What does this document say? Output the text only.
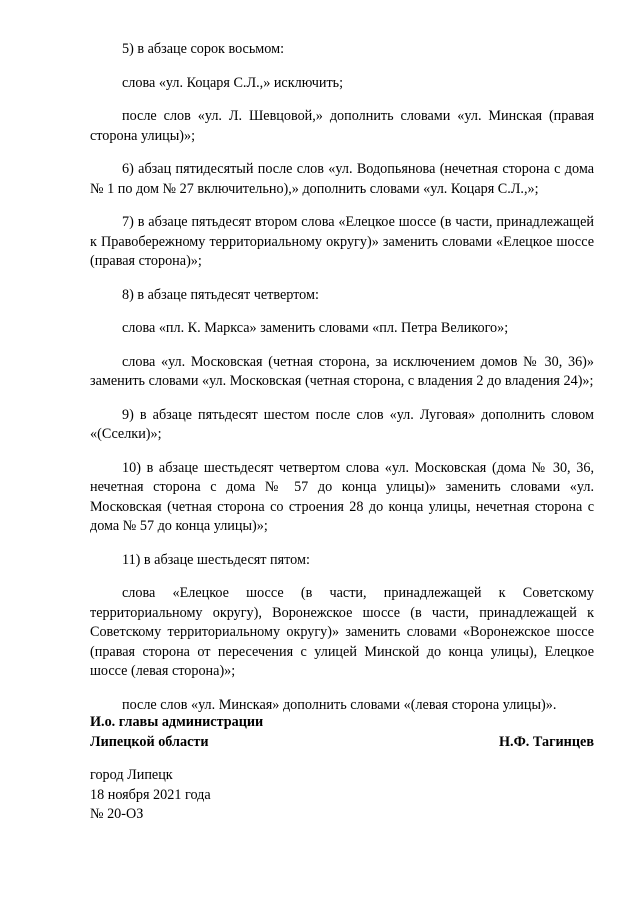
5) в абзаце сорок восьмом:

слова «ул. Коцаря С.Л.,» исключить;

после слов «ул. Л. Шевцовой,» дополнить словами «ул. Минская (правая сторона улицы)»;

6) абзац пятидесятый после слов «ул. Водопьянова (нечетная сторона с дома № 1 по дом № 27 включительно),» дополнить словами «ул. Коцаря С.Л.,»;

7) в абзаце пятьдесят втором слова «Елецкое шоссе (в части, принадлежащей к Правобережному территориальному округу)» заменить словами «Елецкое шоссе (правая сторона)»;

8) в абзаце пятьдесят четвертом:

слова «пл. К. Маркса» заменить словами «пл. Петра Великого»;

слова «ул. Московская (четная сторона, за исключением домов № 30, 36)» заменить словами «ул. Московская (четная сторона, с владения 2 до владения 24)»;

9) в абзаце пятьдесят шестом после слов «ул. Луговая» дополнить словом «(Сселки)»;

10) в абзаце шестьдесят четвертом слова «ул. Московская (дома № 30, 36, нечетная сторона с дома № 57 до конца улицы)» заменить словами «ул. Московская (четная сторона со строения 28 до конца улицы, нечетная сторона с дома № 57 до конца улицы)»;

11) в абзаце шестьдесят пятом:

слова «Елецкое шоссе (в части, принадлежащей к Советскому территориальному округу), Воронежское шоссе (в части, принадлежащей к Советскому территориальному округу)» заменить словами «Воронежское шоссе (правая сторона от пересечения с улицей Минской до конца улицы), Елецкое шоссе (левая сторона)»;

после слов «ул. Минская» дополнить словами «(левая сторона улицы)».

И.о. главы администрации
Липецкой области	Н.Ф. Тагинцев
город Липецк
18 ноября 2021 года
№ 20-ОЗ
